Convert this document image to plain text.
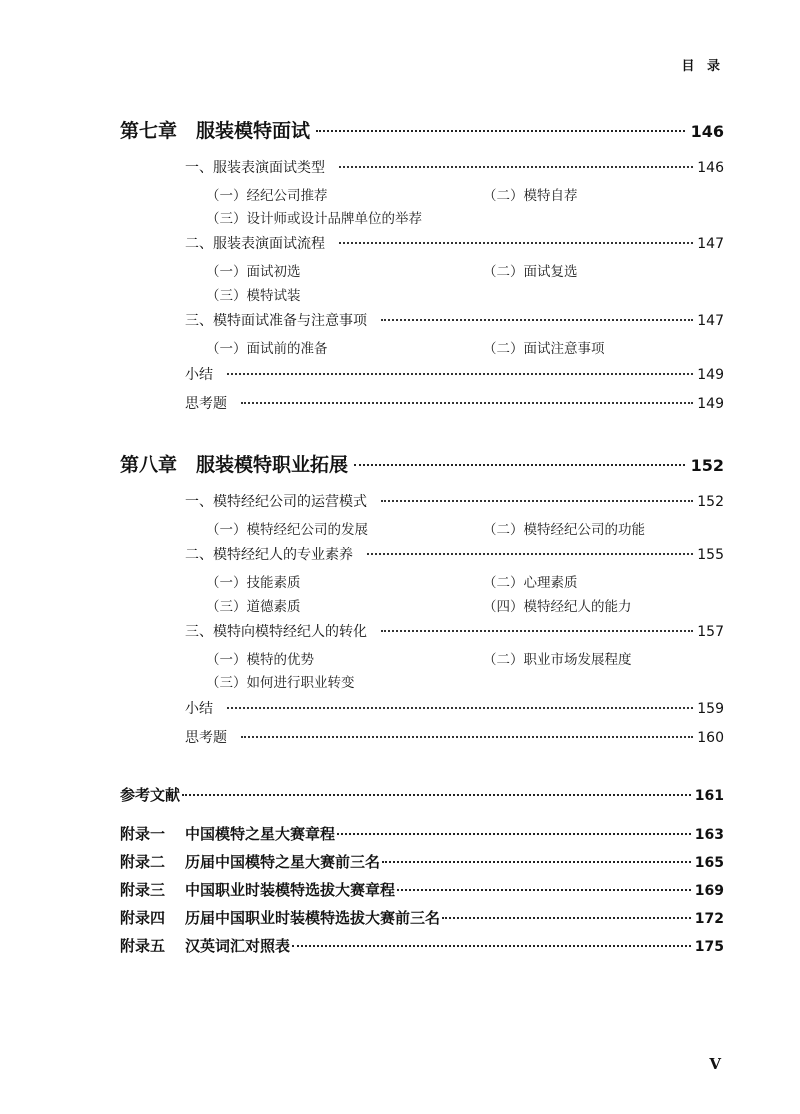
目 录
第七章　服装模特面试	146
一、服装表演面试类型	146
（一）经纪公司推荐	（二）模特自荐
（三）设计师或设计品牌单位的举荐
二、服装表演面试流程	147
（一）面试初选	（二）面试复选
（三）模特试装
三、模特面试准备与注意事项	147
（一）面试前的准备	（二）面试注意事项
小结	149
思考题	149
第八章　服装模特职业拓展	152
一、模特经纪公司的运营模式	152
（一）模特经纪公司的发展	（二）模特经纪公司的功能
二、模特经纪人的专业素养	155
（一）技能素质	（二）心理素质
（三）道德素质	（四）模特经纪人的能力
三、模特向模特经纪人的转化	157
（一）模特的优势	（二）职业市场发展程度
（三）如何进行职业转变
小结	159
思考题	160
参考文献	161
附录一	中国模特之星大赛章程	163
附录二	历届中国模特之星大赛前三名	165
附录三	中国职业时装模特选拔大赛章程	169
附录四	历届中国职业时装模特选拔大赛前三名	172
附录五	汉英词汇对照表	175
V
